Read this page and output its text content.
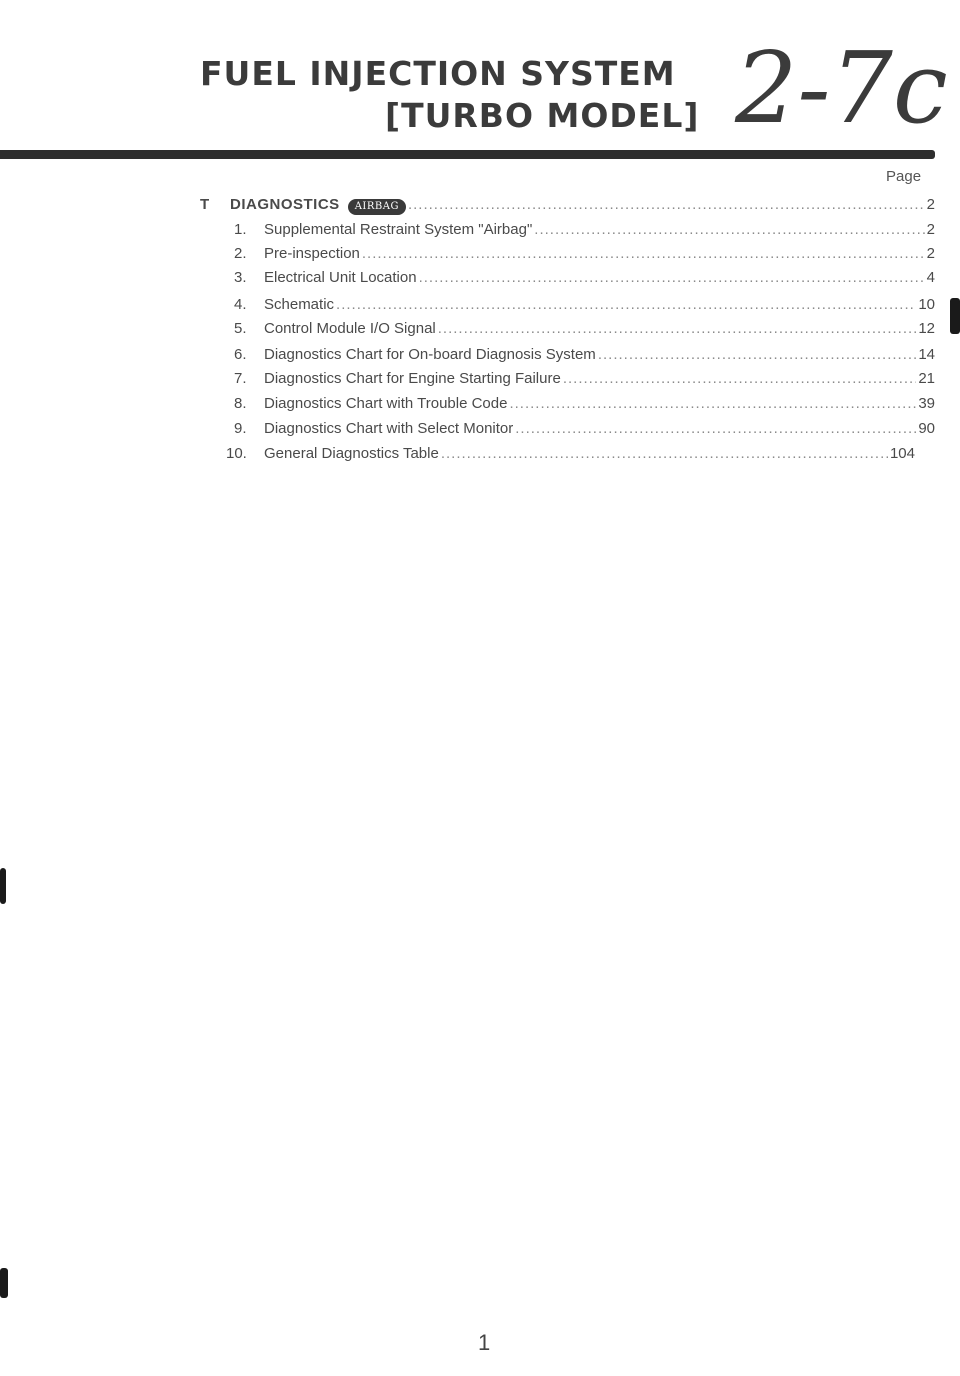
FUEL INJECTION SYSTEM
[TURBO MODEL] 2-7c
Page
T	DIAGNOSTICS	AIRBAG .....	2
1.	Supplemental Restraint System "Airbag" .....	2
2.	Pre-inspection .....	2
3.	Electrical Unit Location .....	4
4.	Schematic .....	10
5.	Control Module I/O Signal .....	12
6.	Diagnostics Chart for On-board Diagnosis System .....	14
7.	Diagnostics Chart for Engine Starting Failure .....	21
8.	Diagnostics Chart with Trouble Code .....	39
9.	Diagnostics Chart with Select Monitor .....	90
10.	General Diagnostics Table .....	104
1
